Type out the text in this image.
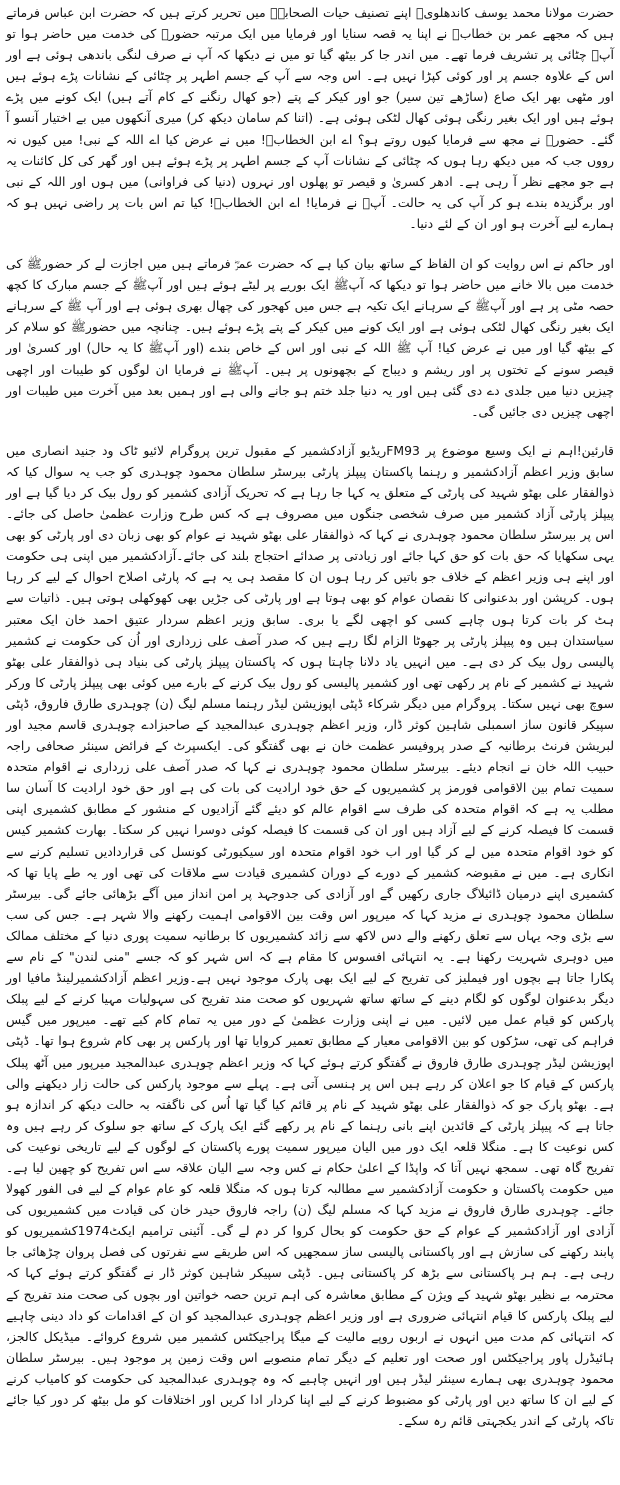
حضرت مولانا محمد یوسف کاندھلویؒ اپنے تصنیف حیات الصحابہؓ میں تحریر کرتے ہیں کہ حضرت ابن عباس فرماتے ہیں کہ مجھے عمر بن خطابؓ نے اپنا یہ قصہ سنایا اور فرمایا میں ایک مرتبہ حضورﷺ کی خدمت میں حاضر ہوا تو آپﷺ چٹائی پر تشریف فرما تھے۔ میں اندر جا کر بیٹھ گیا تو میں نے دیکھا کہ آپ نے صرف لنگی باندھی ہوئی ہے اور اس کے علاوہ جسم پر اور کوئی کپڑا نہیں ہے۔ اس وجہ سے آپ کے جسم اطہر پر چٹائی کے نشانات پڑے ہوئے ہیں اور مٹھی بھر ایک صاع (ساڑھے تین سیر) جو اور کیکر کے پتے (جو کھال رنگنے کے کام آتے ہیں) ایک کونے میں پڑے ہوئے ہیں اور ایک بغیر رنگی ہوئی کھال لٹکی ہوئی ہے۔ (اتنا کم سامان دیکھ کر) میری آنکھوں میں بے اختیار آنسو آ گئے۔ حضورﷺ نے مجھ سے فرمایا کیوں روتے ہو؟ اے ابن الخطابؓ! میں نے عرض کیا اے اللہ کے نبی! میں کیوں نہ رووں جب کہ میں دیکھ رہا ہوں کہ چٹائی کے نشانات آپ کے جسم اطہر پر پڑے ہوئے ہیں اور گھر کی کل کائنات یہ ہے جو مجھے نظر آ رہی ہے۔ ادھر کسریٰ و قیصر تو پھلوں اور نہروں (دنیا کی فراوانی) میں ہوں اور اللہ کے نبی اور برگزیدہ بندے ہو کر آپ کی یہ حالت۔ آپﷺ نے فرمایا! اے ابن الخطابؓ! کیا تم اس بات پر راضی نہیں ہو کہ ہمارے لیے آخرت ہو اور ان کے لئے دنیا۔

اور حاکم نے اس روایت کو ان الفاظ کے ساتھ بیان کیا ہے کہ حضرت عمرؓ فرماتے ہیں میں اجازت لے کر حضورﷺ کی خدمت میں بالا خانے میں حاضر ہوا تو دیکھا کہ آپﷺ ایک بوریے پر لیٹے ہوئے ہیں اور آپﷺ کے جسم مبارک کا کچھ حصہ مٹی پر ہے اور آپﷺ کے سرہانے ایک تکیہ ہے جس میں کھجور کی چھال بھری ہوئی ہے اور آپ ﷺ کے سرہانے ایک بغیر رنگی کھال لٹکی ہوئی ہے اور ایک کونے میں کیکر کے پتے پڑے ہوئے ہیں۔ چنانچہ میں حضورﷺ کو سلام کر کے بیٹھ گیا اور میں نے عرض کیا! آپ ﷺ اللہ کے نبی اور اس کے خاص بندے (اور آپﷺ کا یہ حال) اور کسریٰ اور قیصر سونے کے تختوں پر اور ریشم و دیباج کے بچھونوں پر ہیں۔ آپﷺ نے فرمایا ان لوگوں کو طیبات اور اچھی چیزیں دنیا میں جلدی دے دی گئی ہیں اور یہ دنیا جلد ختم ہو جانے والی ہے اور ہمیں بعد میں آخرت میں طیبات اور اچھی چیزیں دی جائیں گی۔

قارئین!اہم نے ایک وسیع موضوع پر FM93ریڈیو آزادکشمیر کے مقبول ترین پروگرام لائیو ٹاک ود جنید انصاری میں سابق وزیر اعظم آزادکشمیر و رہنما پاکستان پیپلز پارٹی بیرسٹر سلطان محمود چوہدری کو جب یہ سوال کیا کہ ذوالفقار علی بھٹو شہید کی پارٹی کے متعلق یہ کہا جا رہا ہے کہ تحریک آزادی کشمیر کو رول بیک کر دیا گیا ہے اور پیپلز پارٹی آزاد کشمیر میں صرف شخصی جنگوں میں مصروف ہے کہ کس طرح وزارت عظمیٰ حاصل کی جائے۔ اس پر بیرسٹر سلطان محمود چوہدری نے کہا کہ ذوالفقار علی بھٹو شہید نے عوام کو بھی زبان دی اور پارٹی کو بھی یہی سکھایا کہ حق بات کو حق کہا جائے اور زیادتی پر صدائے احتجاج بلند کی جائے۔آزادکشمیر میں اپنی ہی حکومت اور اپنے ہی وزیر اعظم کے خلاف جو باتیں کر رہا ہوں ان کا مقصد ہی یہ ہے کہ پارٹی اصلاح احوال کے لیے کر رہا ہوں۔ کرپشن اور بدعنوانی کا نقصان عوام کو بھی ہوتا ہے اور پارٹی کی جڑیں بھی کھوکھلی ہوتی ہیں۔ ذاتیات سے ہٹ کر بات کرتا ہوں چاہے کسی کو اچھی لگے یا بری۔ سابق وزیر اعظم سردار عتیق احمد خان ایک معتبر سیاستدان ہیں وہ پیپلز پارٹی پر جھوٹا الزام لگا رہے ہیں کہ صدر آصف علی زرداری اور اُن کی حکومت نے کشمیر پالیسی رول بیک کر دی ہے۔ میں انہیں یاد دلانا چاہتا ہوں کہ پاکستان پیپلز پارٹی کی بنیاد ہی ذوالفقار علی بھٹو شہید نے کشمیر کے نام پر رکھی تھی اور کشمیر پالیسی کو رول بیک کرنے کے بارے میں کوئی بھی پیپلز پارٹی کا ورکر سوچ بھی نہیں سکتا۔ پروگرام میں دیگر شرکاء ڈپٹی اپوزیشن لیڈر رہنما مسلم لیگ (ن) چوہدری طارق فاروق، ڈپٹی سپیکر قانون ساز اسمبلی شاہین کوثر ڈار، وزیر اعظم چوہدری عبدالمجید کے صاحبزادے چوہدری قاسم مجید اور لبریشن فرنٹ برطانیہ کے صدر پروفیسر عظمت خان نے بھی گفتگو کی۔ ایکسپرٹ کے فرائض سینئر صحافی راجہ حبیب اللہ خان نے انجام دیئے۔ بیرسٹر سلطان محمود چوہدری نے کہا کہ صدر آصف علی زرداری نے اقوام متحدہ سمیت تمام بین الاقوامی فورمز پر کشمیریوں کے حق خود ارادیت کی بات کی ہے اور حق خود ارادیت کا آسان سا مطلب یہ ہے کہ اقوام متحدہ کی طرف سے اقوام عالم کو دیئے گئے آزادیوں کے منشور کے مطابق کشمیری اپنی قسمت کا فیصلہ کرنے کے لیے آزاد ہیں اور ان کی قسمت کا فیصلہ کوئی دوسرا نہیں کر سکتا۔ بھارت کشمیر کیس کو خود اقوام متحدہ میں لے کر گیا اور اب خود اقوام متحدہ اور سیکیورٹی کونسل کی قراردادیں تسلیم کرنے سے انکاری ہے۔ میں نے مقبوضہ کشمیر کے دورے کے دوران کشمیری قیادت سے ملاقات کی تھی اور یہ طے پایا تھا کہ کشمیری اپنے درمیان ڈائیلاگ جاری رکھیں گے اور آزادی کی جدوجہد پر امن انداز میں آگے بڑھائی جائے گی۔ بیرسٹر سلطان محمود چوہدری نے مزید کہا کہ میرپور اس وقت بین الاقوامی اہمیت رکھنے والا شہر ہے۔ جس کی سب سے بڑی وجہ یہاں سے تعلق رکھنے والے دس لاکھ سے زائد کشمیریوں کا برطانیہ سمیت پوری دنیا کے مختلف ممالک میں دوہری شہریت رکھنا ہے۔ یہ انتہائی افسوس کا مقام ہے کہ اس شہر کو کہ جسے "منی لندن" کے نام سے پکارا جاتا ہے بچوں اور فیملیز کی تفریح کے لیے ایک بھی پارک موجود نہیں ہے۔وزیر اعظم آزادکشمیرلینڈ مافیا اور دیگر بدعنوان لوگوں کو لگام دینے کے ساتھ ساتھ شہریوں کو صحت مند تفریح کی سہولیات مہیا کرنے کے لیے پبلک پارکس کو قیام عمل میں لائیں۔ میں نے اپنی وزارت عظمیٰ کے دور میں یہ تمام کام کیے تھے۔ میرپور میں گیس فراہم کی تھی، سڑکوں کو بین الاقوامی معیار کے مطابق تعمیر کروایا تھا اور پارکس پر بھی کام شروع ہوا تھا۔ ڈپٹی اپوزیشن لیڈر چوہدری طارق فاروق نے گفتگو کرتے ہوئے کہا کہ وزیر اعظم چوہدری عبدالمجید میرپور میں آٹھ پبلک پارکس کے قیام کا جو اعلان کر رہے ہیں اس پر ہنسی آتی ہے۔ پہلے سے موجود پارکس کی حالت زار دیکھنے والی ہے۔ بھٹو پارک جو کہ ذوالفقار علی بھٹو شہید کے نام پر قائم کیا گیا تھا اُس کی ناگفتہ بہ حالت دیکھ کر اندازہ ہو جاتا ہے کہ پیپلز پارٹی کے قائدین اپنے بانی رہنما کے نام پر رکھے گئے ایک پارک کے ساتھ جو سلوک کر رہے ہیں وہ کس نوعیت کا ہے۔ منگلا قلعہ ایک دور میں الیان میرپور سمیت پورے پاکستان کے لوگوں کے لیے تاریخی نوعیت کی تفریح گاہ تھی۔ سمجھ نہیں آتا کہ واپڈا کے اعلیٰ حکام نے کس وجہ سے الیان علاقہ سے اس تفریح کو چھین لیا ہے۔ میں حکومت پاکستان و حکومت آزادکشمیر سے مطالبہ کرتا ہوں کہ منگلا قلعہ کو عام عوام کے لیے فی الفور کھولا جائے۔ چوہدری طارق فاروق نے مزید کہا کہ مسلم لیگ (ن) راجہ فاروق حیدر خان کی قیادت میں کشمیریوں کی آزادی اور آزادکشمیر کے عوام کے حق حکومت کو بحال کروا کر دم لے گی۔ آئینی ترامیم ایکٹ1974کشمیریوں کو پابند رکھنے کی سازش ہے اور پاکستانی پالیسی ساز سمجھیں کہ اس طریقے سے نفرتوں کی فصل پروان چڑھائی جا رہی ہے۔ ہم ہر پاکستانی سے بڑھ کر پاکستانی ہیں۔ ڈپٹی سپیکر شاہین کوثر ڈار نے گفتگو کرتے ہوئے کہا کہ محترمہ بے نظیر بھٹو شہید کے ویژن کے مطابق معاشرہ کی اہم ترین حصہ خواتین اور بچوں کی صحت مند تفریح کے لیے پبلک پارکس کا قیام انتہائی ضروری ہے اور وزیر اعظم چوہدری عبدالمجید کو ان کے اقدامات کو داد دینی چاہیے کہ انتہائی کم مدت میں انہوں نے اربوں روپے مالیت کے میگا پراجیکٹس کشمیر میں شروع کروائے۔ میڈیکل کالجز، ہائیڈرل پاور پراجیکٹس اور صحت اور تعلیم کے دیگر تمام منصوبے اس وقت زمین پر موجود ہیں۔ بیرسٹر سلطان محمود چوہدری بھی ہمارے سینئر لیڈر ہیں اور انہیں چاہیے کہ وہ چوہدری عبدالمجید کی حکومت کو کامیاب کرنے کے لیے ان کا ساتھ دیں اور پارٹی کو مضبوط کرنے کے لیے اپنا کردار ادا کریں اور اختلافات کو مل بیٹھ کر دور کیا جائے تاکہ پارٹی کے اندر یکجہتی قائم رہ سکے۔
